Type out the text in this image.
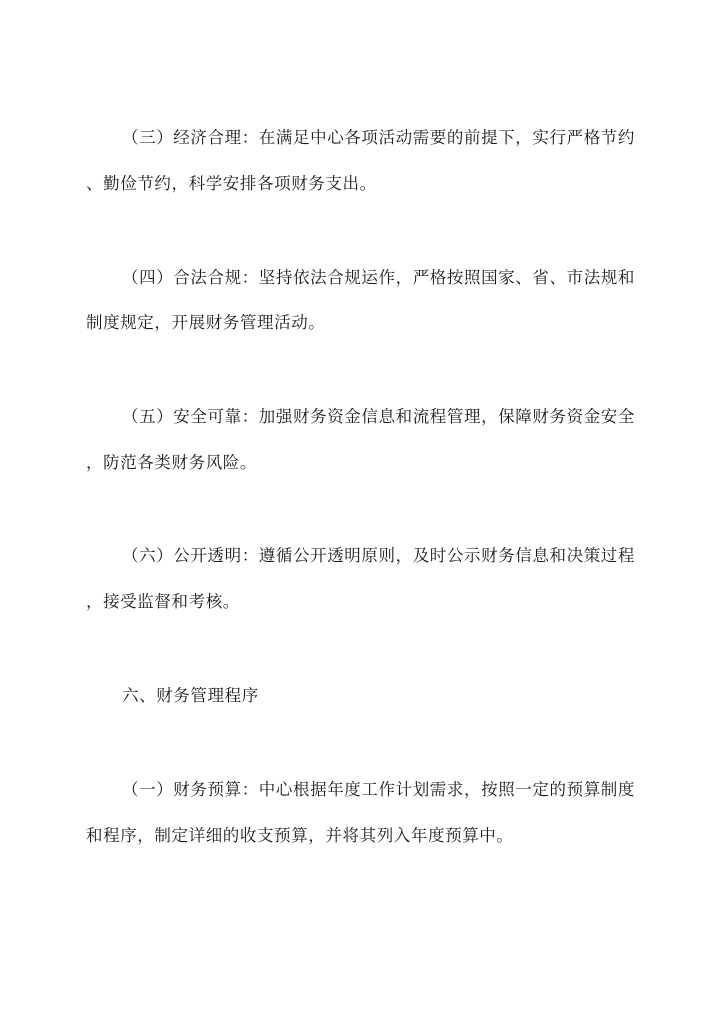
（三）经济合理：在满足中心各项活动需要的前提下，实行严格节约
、勤俭节约，科学安排各项财务支出。
（四）合法合规：坚持依法合规运作，严格按照国家、省、市法规和
制度规定，开展财务管理活动。
（五）安全可靠：加强财务资金信息和流程管理，保障财务资金安全
，防范各类财务风险。
（六）公开透明：遵循公开透明原则，及时公示财务信息和决策过程
，接受监督和考核。
六、财务管理程序
（一）财务预算：中心根据年度工作计划需求，按照一定的预算制度
和程序，制定详细的收支预算，并将其列入年度预算中。
